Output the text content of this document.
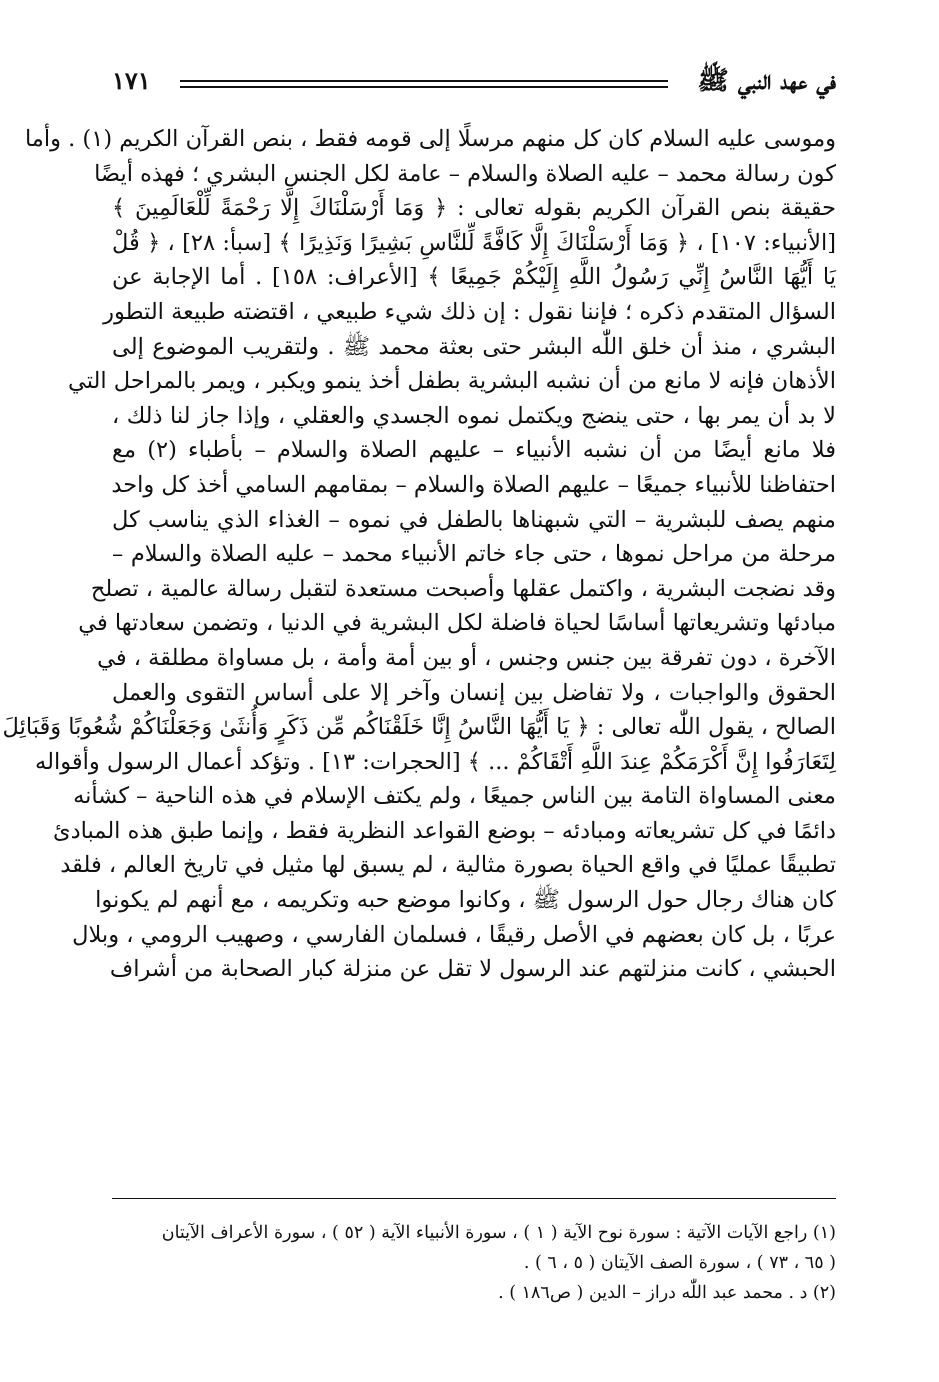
في عهد النبي ﷺ
١٧١
وموسى عليه السلام كان كل منهم مرسلًا إلى قومه فقط ، بنص القرآن الكريم (١) . وأما
كون رسالة محمد – عليه الصلاة والسلام – عامة لكل الجنس البشري ؛ فهذه أيضًا
حقيقة بنص القرآن الكريم بقوله تعالى : ﴿ وَمَا أَرْسَلْنَاكَ إِلَّا رَحْمَةً لِّلْعَالَمِينَ ﴾
[الأنبياء: ١٠٧] ، ﴿ وَمَا أَرْسَلْنَاكَ إِلَّا كَافَّةً لِّلنَّاسِ بَشِيرًا وَنَذِيرًا ﴾ [سبأ: ٢٨] ، ﴿ قُلْ
يَا أَيُّهَا النَّاسُ إِنِّي رَسُولُ اللَّهِ إِلَيْكُمْ جَمِيعًا ﴾ [الأعراف: ١٥٨] . أما الإجابة عن
السؤال المتقدم ذكره ؛ فإننا نقول : إن ذلك شيء طبيعي ، اقتضته طبيعة التطور
البشري ، منذ أن خلق اللّٰه البشر حتى بعثة محمد ﷺ . ولتقريب الموضوع إلى
الأذهان فإنه لا مانع من أن نشبه البشرية بطفل أخذ ينمو ويكبر ، ويمر بالمراحل التي
لا بد أن يمر بها ، حتى ينضج ويكتمل نموه الجسدي والعقلي ، وإذا جاز لنا ذلك ،
فلا مانع أيضًا من أن نشبه الأنبياء – عليهم الصلاة والسلام – بأطباء (٢) مع
احتفاظنا للأنبياء جميعًا – عليهم الصلاة والسلام – بمقامهم السامي أخذ كل واحد
منهم يصف للبشرية – التي شبهناها بالطفل في نموه – الغذاء الذي يناسب كل
مرحلة من مراحل نموها ، حتى جاء خاتم الأنبياء محمد – عليه الصلاة والسلام –
وقد نضجت البشرية ، واكتمل عقلها وأصبحت مستعدة لتقبل رسالة عالمية ، تصلح
مبادئها وتشريعاتها أساسًا لحياة فاضلة لكل البشرية في الدنيا ، وتضمن سعادتها في
الآخرة ، دون تفرقة بين جنس وجنس ، أو بين أمة وأمة ، بل مساواة مطلقة ، في
الحقوق والواجبات ، ولا تفاضل بين إنسان وآخر إلا على أساس التقوى والعمل
الصالح ، يقول اللّٰه تعالى : ﴿ يَا أَيُّهَا النَّاسُ إِنَّا خَلَقْنَاكُم مِّن ذَكَرٍ وَأُنثَىٰ وَجَعَلْنَاكُمْ شُعُوبًا وَقَبَائِلَ
لِتَعَارَفُوا إِنَّ أَكْرَمَكُمْ عِندَ اللَّهِ أَتْقَاكُمْ ... ﴾ [الحجرات: ١٣] . وتؤكد أعمال الرسول وأقواله
معنى المساواة التامة بين الناس جميعًا ، ولم يكتف الإسلام في هذه الناحية – كشأنه
دائمًا في كل تشريعاته ومبادئه – بوضع القواعد النظرية فقط ، وإنما طبق هذه المبادئ
تطبيقًا عمليًا في واقع الحياة بصورة مثالية ، لم يسبق لها مثيل في تاريخ العالم ، فلقد
كان هناك رجال حول الرسول ﷺ ، وكانوا موضع حبه وتكريمه ، مع أنهم لم يكونوا
عربًا ، بل كان بعضهم في الأصل رقيقًا ، فسلمان الفارسي ، وصهيب الرومي ، وبلال
الحبشي ، كانت منزلتهم عند الرسول لا تقل عن منزلة كبار الصحابة من أشراف
(١) راجع الآيات الآتية : سورة نوح الآية ( ١ ) ، سورة الأنبياء الآية ( ٥٢ ) ، سورة الأعراف الآيتان
( ٦٥ ، ٧٣ ) ، سورة الصف الآيتان ( ٥ ، ٦ ) .
(٢) د . محمد عبد اللّٰه دراز – الدين ( ص١٨٦ ) .
